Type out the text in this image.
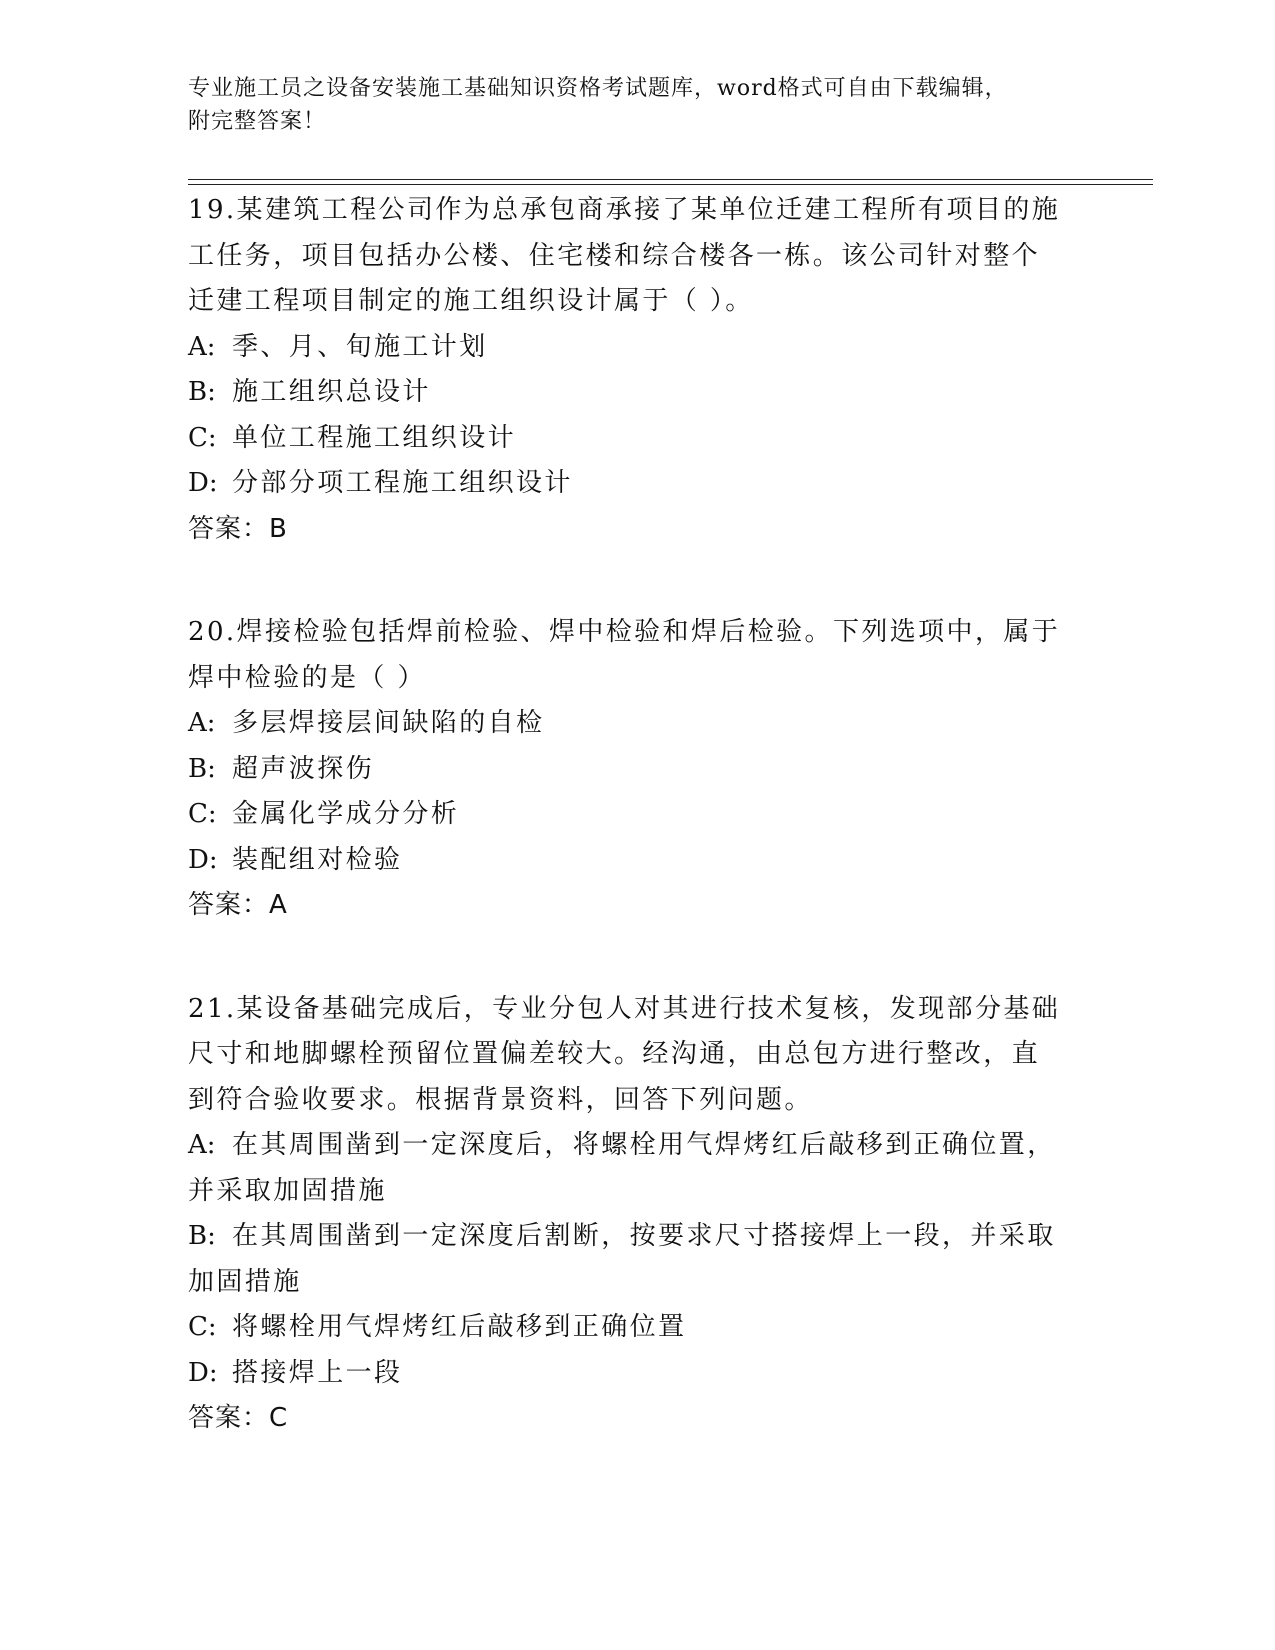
专业施工员之设备安装施工基础知识资格考试题库，word格式可自由下载编辑，
附完整答案！
19.某建筑工程公司作为总承包商承接了某单位迁建工程所有项目的施
工任务，项目包括办公楼、住宅楼和综合楼各一栋。该公司针对整个
迁建工程项目制定的施工组织设计属于（ ）。
A: 季、月、旬施工计划
B: 施工组织总设计
C: 单位工程施工组织设计
D: 分部分项工程施工组织设计
答案：B
20.焊接检验包括焊前检验、焊中检验和焊后检验。下列选项中，属于
焊中检验的是（ ）
A: 多层焊接层间缺陷的自检
B: 超声波探伤
C: 金属化学成分分析
D: 装配组对检验
答案：A
21.某设备基础完成后，专业分包人对其进行技术复核，发现部分基础
尺寸和地脚螺栓预留位置偏差较大。经沟通，由总包方进行整改，直
到符合验收要求。根据背景资料，回答下列问题。
A: 在其周围凿到一定深度后，将螺栓用气焊烤红后敲移到正确位置，
并采取加固措施
B: 在其周围凿到一定深度后割断，按要求尺寸搭接焊上一段，并采取
加固措施
C: 将螺栓用气焊烤红后敲移到正确位置
D: 搭接焊上一段
答案：C
